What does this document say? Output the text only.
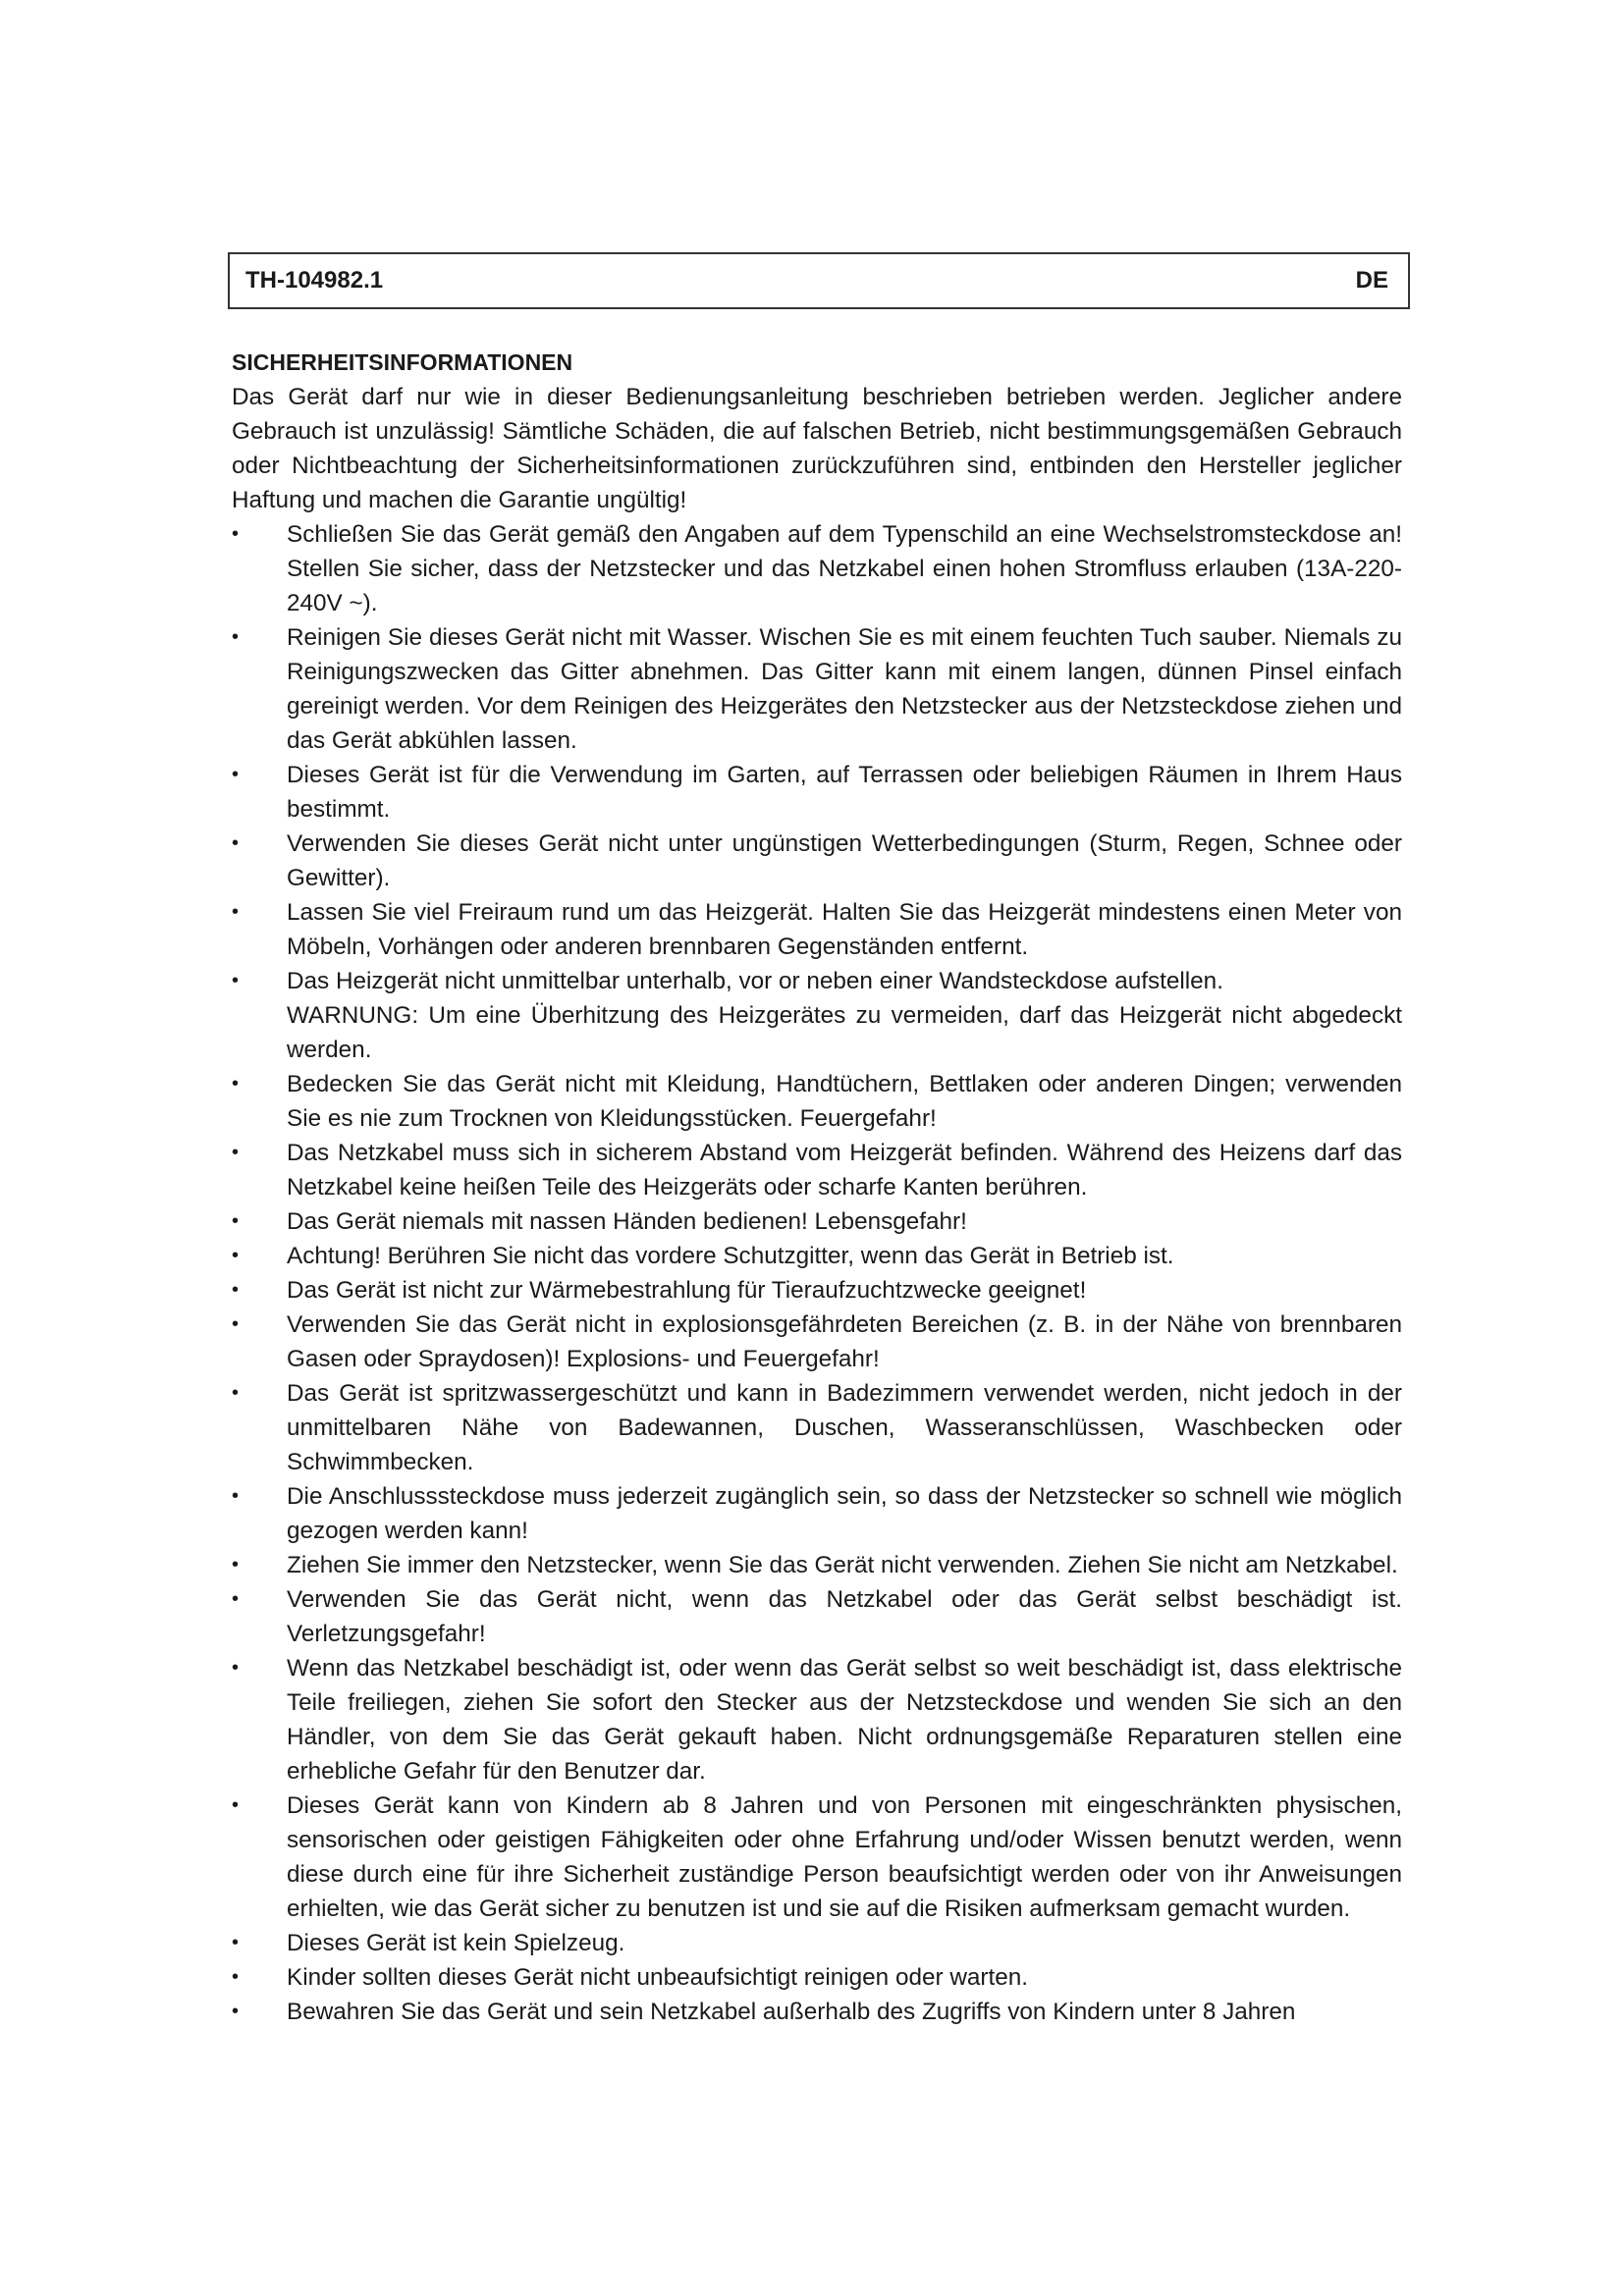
TH-104982.1	DE
SICHERHEITSINFORMATIONEN

Das Gerät darf nur wie in dieser Bedienungsanleitung beschrieben betrieben werden. Jeglicher andere Gebrauch ist unzulässig! Sämtliche Schäden, die auf falschen Betrieb, nicht bestimmungsgemäßen Gebrauch oder Nichtbeachtung der Sicherheitsinformationen zurückzuführen sind, entbinden den Hersteller jeglicher Haftung und machen die Garantie ungültig!

•	Schließen Sie das Gerät gemäß den Angaben auf dem Typenschild an eine Wechselstromsteckdose an! Stellen Sie sicher, dass der Netzstecker und das Netzkabel einen hohen Stromfluss erlauben (13A-220-240V ~).
•	Reinigen Sie dieses Gerät nicht mit Wasser. Wischen Sie es mit einem feuchten Tuch sauber. Niemals zu Reinigungszwecken das Gitter abnehmen. Das Gitter kann mit einem langen, dünnen Pinsel einfach gereinigt werden. Vor dem Reinigen des Heizgerätes den Netzstecker aus der Netzsteckdose ziehen und das Gerät abkühlen lassen.
•	Dieses Gerät ist für die Verwendung im Garten, auf Terrassen oder beliebigen Räumen in Ihrem Haus bestimmt.
•	Verwenden Sie dieses Gerät nicht unter ungünstigen Wetterbedingungen (Sturm, Regen, Schnee oder Gewitter).
•	Lassen Sie viel Freiraum rund um das Heizgerät. Halten Sie das Heizgerät mindestens einen Meter von Möbeln, Vorhängen oder anderen brennbaren Gegenständen entfernt.
•	Das Heizgerät nicht unmittelbar unterhalb, vor or neben einer Wandsteckdose aufstellen.
WARNUNG: Um eine Überhitzung des Heizgerätes zu vermeiden, darf das Heizgerät nicht abgedeckt werden.
•	Bedecken Sie das Gerät nicht mit Kleidung, Handtüchern, Bettlaken oder anderen Dingen; verwenden Sie es nie zum Trocknen von Kleidungsstücken. Feuergefahr!
•	Das Netzkabel muss sich in sicherem Abstand vom Heizgerät befinden. Während des Heizens darf das Netzkabel keine heißen Teile des Heizgeräts oder scharfe Kanten berühren.
•	Das Gerät niemals mit nassen Händen bedienen! Lebensgefahr!
•	Achtung! Berühren Sie nicht das vordere Schutzgitter, wenn das Gerät in Betrieb ist.
•	Das Gerät ist nicht zur Wärmebestrahlung für Tieraufzuchtzwecke geeignet!
•	Verwenden Sie das Gerät nicht in explosionsgefährdeten Bereichen (z. B. in der Nähe von brennbaren Gasen oder Spraydosen)! Explosions- und Feuergefahr!
•	Das Gerät ist spritzwassergeschützt und kann in Badezimmern verwendet werden, nicht jedoch in der unmittelbaren Nähe von Badewannen, Duschen, Wasseranschlüssen, Waschbecken oder Schwimmbecken.
•	Die Anschlusssteckdose muss jederzeit zugänglich sein, so dass der Netzstecker so schnell wie möglich gezogen werden kann!
•	Ziehen Sie immer den Netzstecker, wenn Sie das Gerät nicht verwenden. Ziehen Sie nicht am Netzkabel.
•	Verwenden Sie das Gerät nicht, wenn das Netzkabel oder das Gerät selbst beschädigt ist. Verletzungsgefahr!
•	Wenn das Netzkabel beschädigt ist, oder wenn das Gerät selbst so weit beschädigt ist, dass elektrische Teile freiliegen, ziehen Sie sofort den Stecker aus der Netzsteckdose und wenden Sie sich an den Händler, von dem Sie das Gerät gekauft haben. Nicht ordnungsgemäße Reparaturen stellen eine erhebliche Gefahr für den Benutzer dar.
•	Dieses Gerät kann von Kindern ab 8 Jahren und von Personen mit eingeschränkten physischen, sensorischen oder geistigen Fähigkeiten oder ohne Erfahrung und/oder Wissen benutzt werden, wenn diese durch eine für ihre Sicherheit zuständige Person beaufsichtigt werden oder von ihr Anweisungen erhielten, wie das Gerät sicher zu benutzen ist und sie auf die Risiken aufmerksam gemacht wurden.
•	Dieses Gerät ist kein Spielzeug.
•	Kinder sollten dieses Gerät nicht unbeaufsichtigt reinigen oder warten.
•	Bewahren Sie das Gerät und sein Netzkabel außerhalb des Zugriffs von Kindern unter 8 Jahren
